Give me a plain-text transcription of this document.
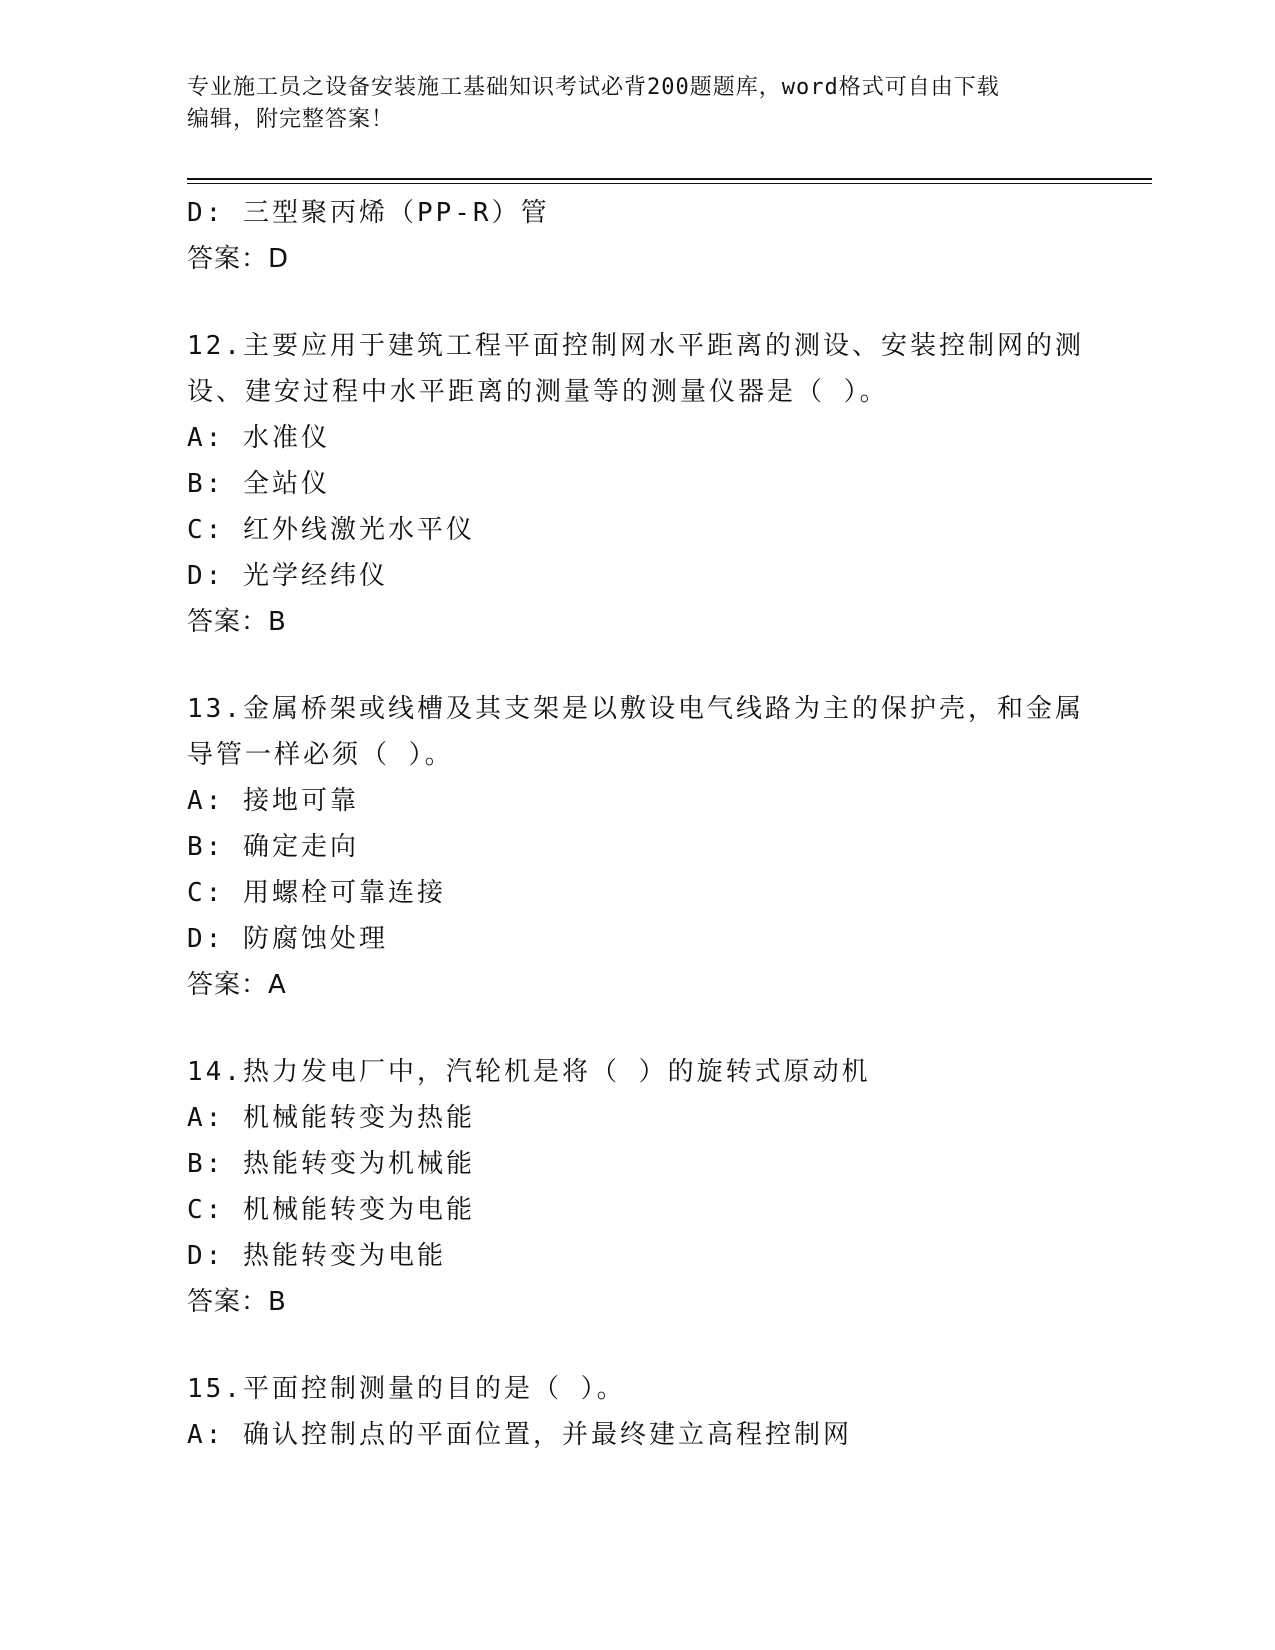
专业施工员之设备安装施工基础知识考试必背200题题库，word格式可自由下载
编辑，附完整答案！
D: 三型聚丙烯（PP-R）管
答案：D
12.主要应用于建筑工程平面控制网水平距离的测设、安装控制网的测
设、建安过程中水平距离的测量等的测量仪器是（ ）。
A: 水准仪
B: 全站仪
C: 红外线激光水平仪
D: 光学经纬仪
答案：B
13.金属桥架或线槽及其支架是以敷设电气线路为主的保护壳，和金属
导管一样必须（ ）。
A: 接地可靠
B: 确定走向
C: 用螺栓可靠连接
D: 防腐蚀处理
答案：A
14.热力发电厂中，汽轮机是将（ ）的旋转式原动机
A: 机械能转变为热能
B: 热能转变为机械能
C: 机械能转变为电能
D: 热能转变为电能
答案：B
15.平面控制测量的目的是（ ）。
A: 确认控制点的平面位置，并最终建立高程控制网
